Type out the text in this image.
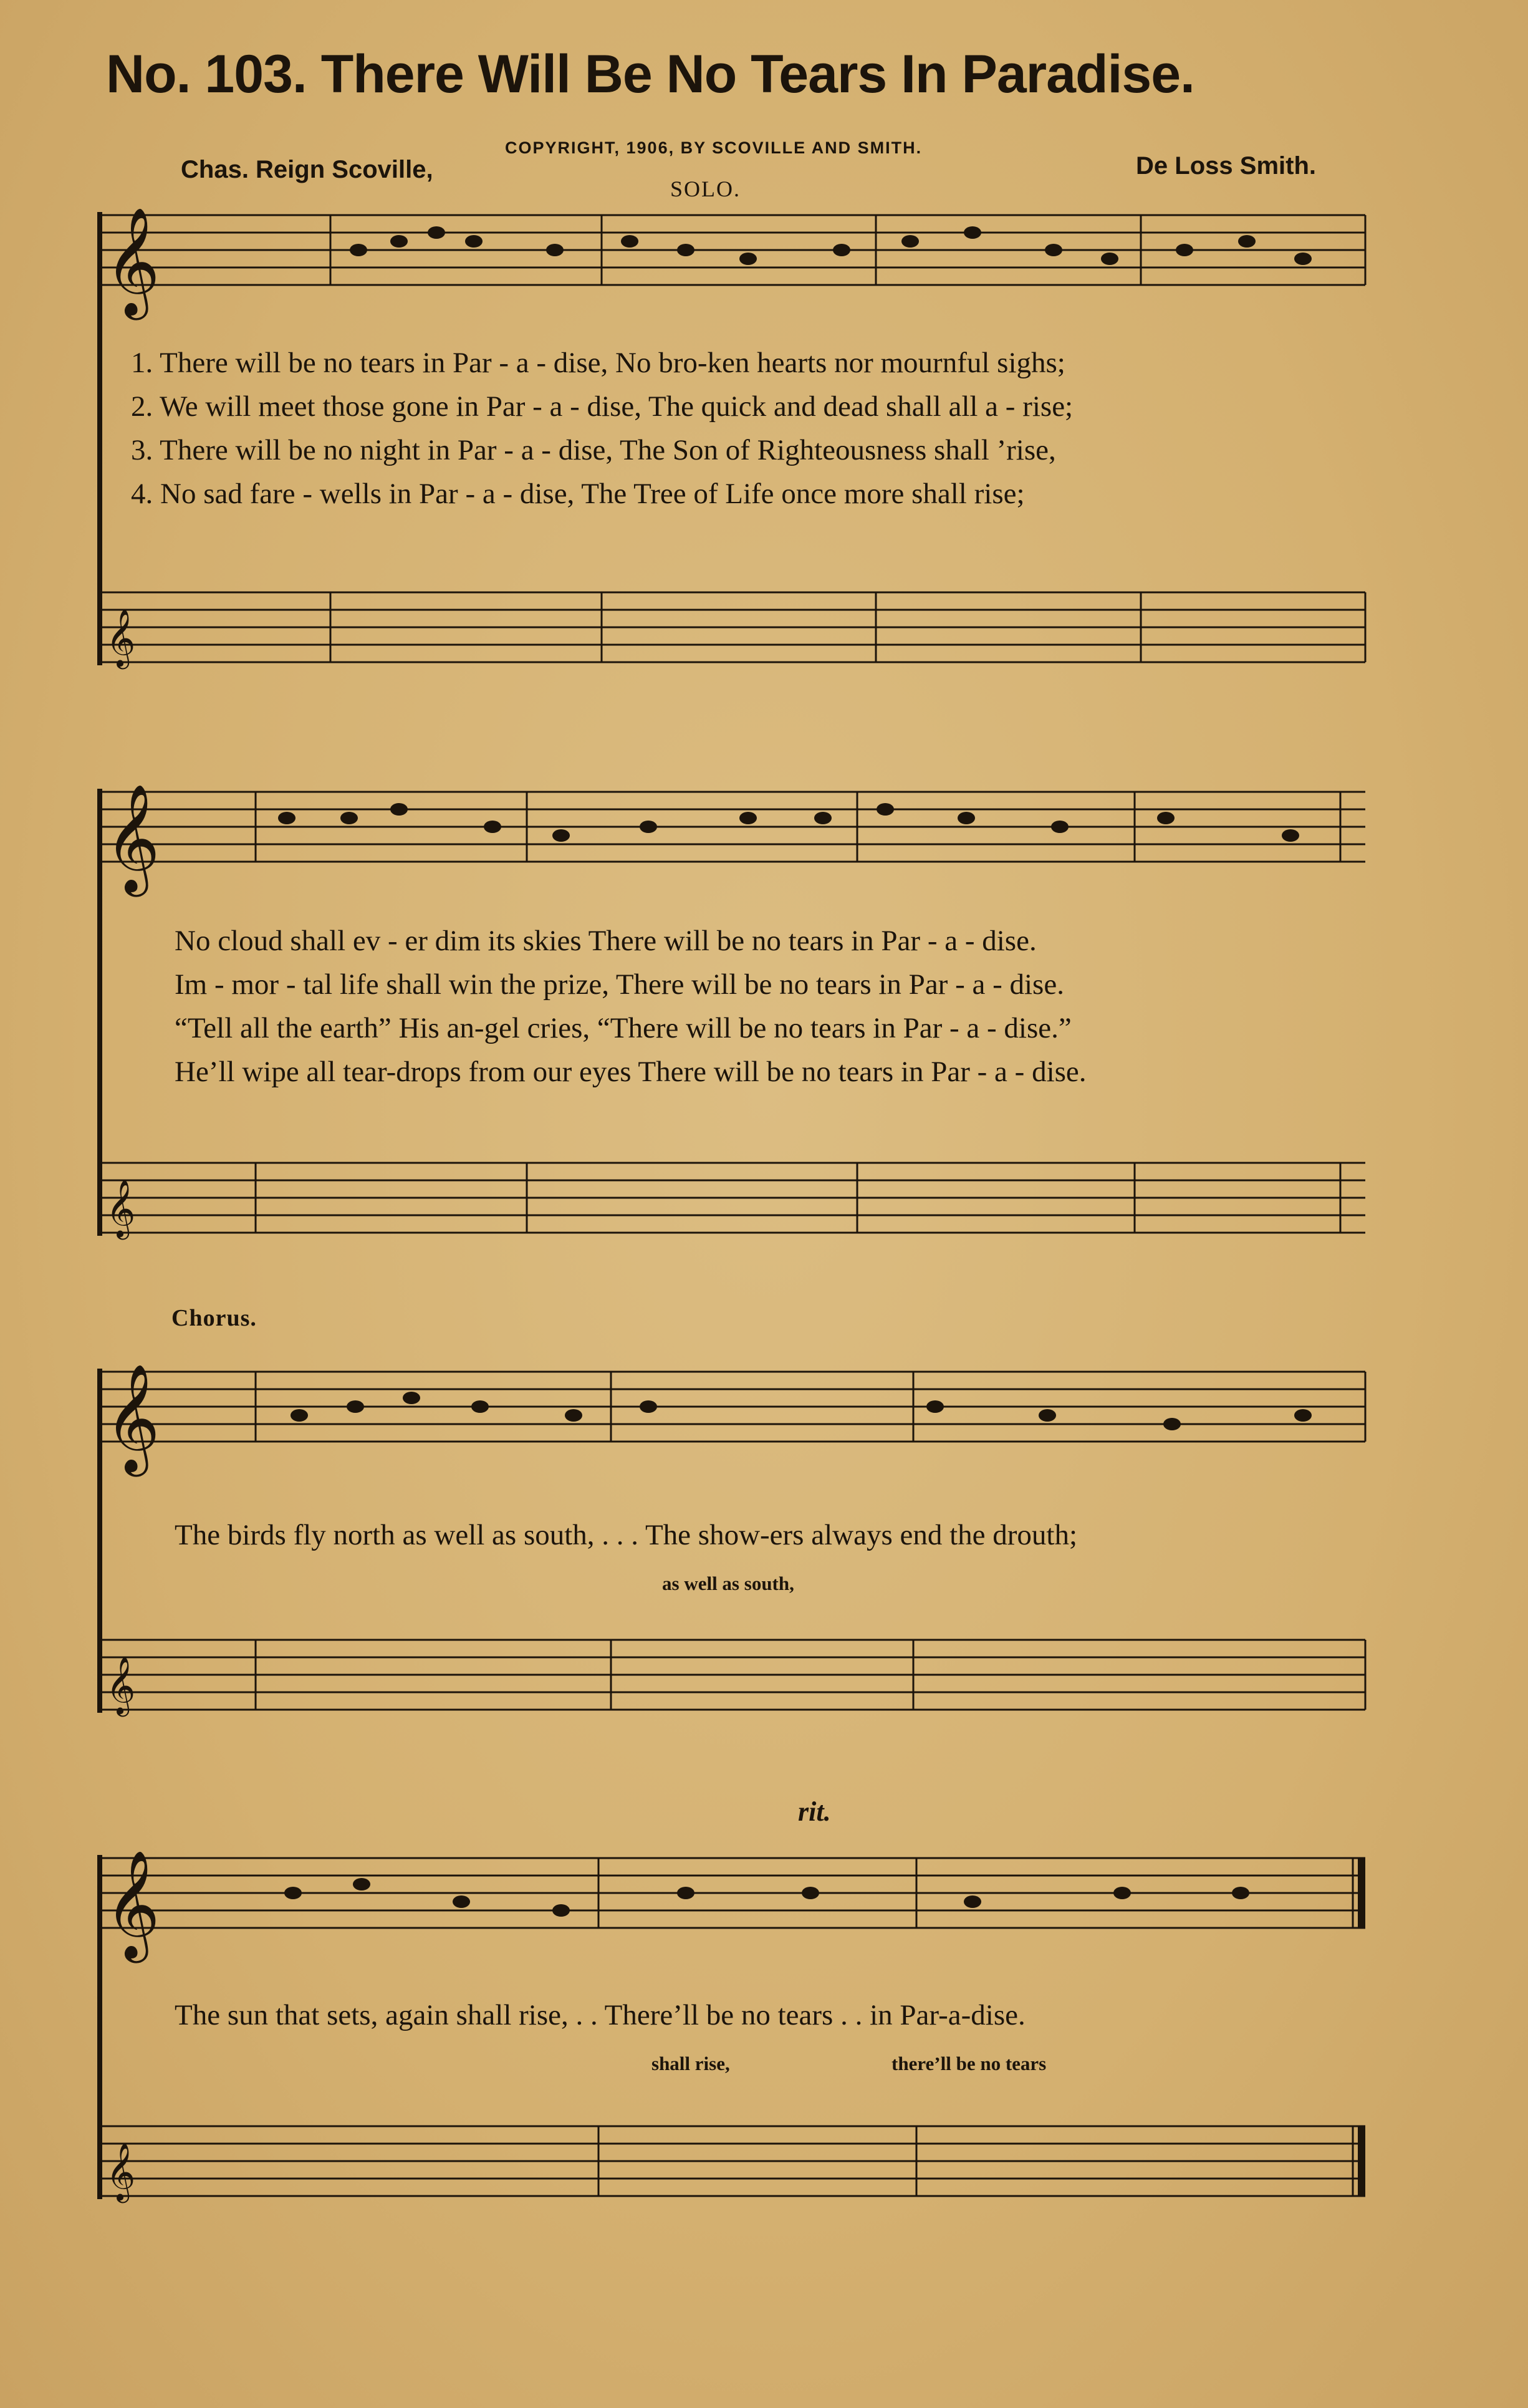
No. 103. There Will Be No Tears In Paradise.
COPYRIGHT, 1906, BY SCOVILLE AND SMITH.
Chas. Reign Scoville,	De Loss Smith.
SOLO.
𝄞
𝄞
𝄞
𝄞
𝄞
𝄞
𝄞
𝄞
1. There will be no tears in Par - a - dise, No bro-ken hearts nor mournful sighs;
2. We will meet those gone in Par - a - dise, The quick and dead shall all a - rise;
3. There will be no night in Par - a - dise, The Son of Righteousness shall ’rise,
4. No sad fare - wells in Par - a - dise, The Tree of Life once more shall rise;
No cloud shall ev - er dim its skies There will be no tears in Par - a - dise.
Im - mor - tal life shall win the prize, There will be no tears in Par - a - dise.
“Tell all the earth” His an-gel cries, “There will be no tears in Par - a - dise.”
He’ll wipe all tear-drops from our eyes There will be no tears in Par - a - dise.
Chorus.
The birds fly north as well as south, . . . The show-ers always end the drouth;
as well as south,
rit.
The sun that sets, again shall rise, . . There’ll be no tears . . in Par-a-dise.
shall rise,	there’ll be no tears
